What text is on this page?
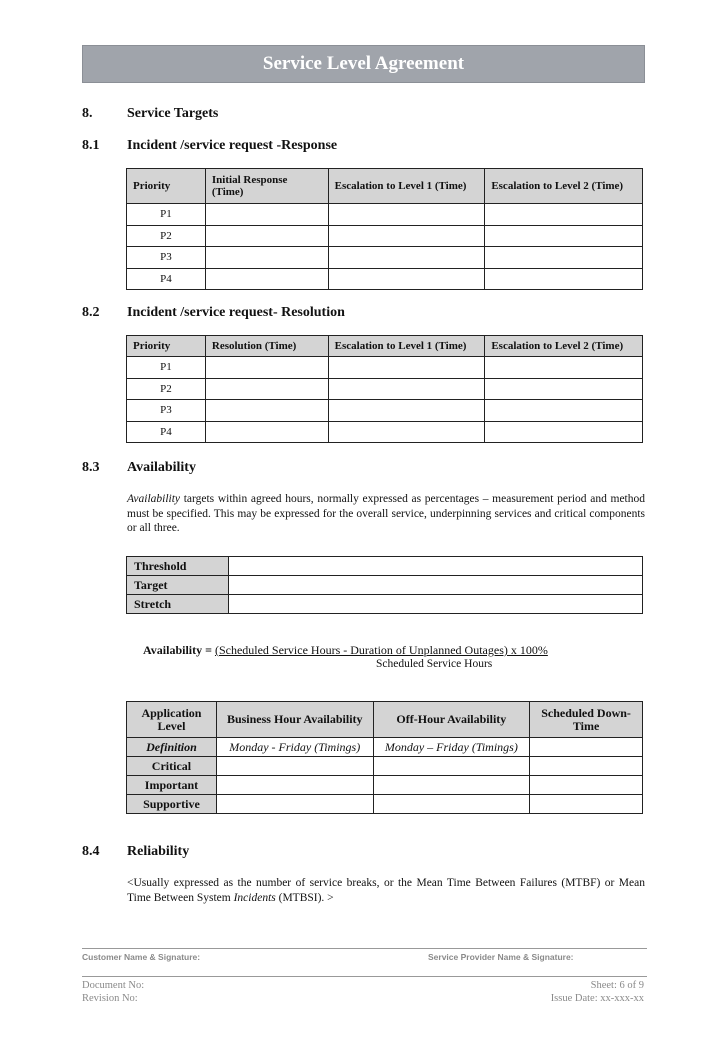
Service Level Agreement
8.	Service Targets
8.1	Incident /service request -Response
Priority	Initial Response (Time)	Escalation to Level 1 (Time)	Escalation to Level 2 (Time)
P1			
P2			
P3			
P4			
8.2	Incident /service request- Resolution
Priority	Resolution (Time)	Escalation to Level 1 (Time)	Escalation to Level 2 (Time)
P1			
P2			
P3			
P4			
8.3	Availability
Availability targets within agreed hours, normally expressed as percentages – measurement period and method must be specified. This may be expressed for the overall service, underpinning services and critical components or all three.
Threshold	
Target	
Stretch	
Availability = (Scheduled Service Hours - Duration of Unplanned Outages) x 100%
Scheduled Service Hours
Application Level	Business Hour Availability	Off-Hour Availability	Scheduled Down-Time
Definition	Monday - Friday (Timings)	Monday – Friday (Timings)	
Critical			
Important			
Supportive			
8.4	Reliability
<Usually expressed as the number of service breaks, or the Mean Time Between Failures (MTBF) or Mean Time Between System Incidents (MTBSI). >
Customer Name & Signature:	Service Provider Name & Signature:
Document No:
Revision No:
Sheet: 6 of 9
Issue Date: xx-xxx-xx
